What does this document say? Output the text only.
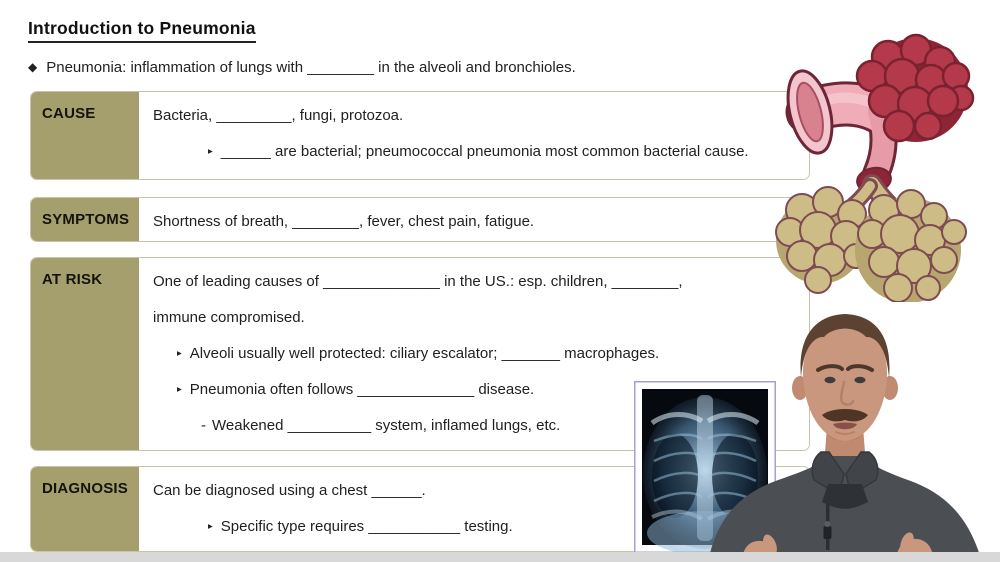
Introduction to Pneumonia
◆ Pneumonia: inflammation of lungs with ________ in the alveoli and bronchioles.
CAUSE	Bacteria, _________, fungi, protozoa.

▸ ______ are bacterial; pneumococcal pneumonia most common bacterial cause.

SYMPTOMS	Shortness of breath, ________, fever, chest pain, fatigue.

AT RISK	One of leading causes of ______________ in the US.: esp. children, ________,

immune compromised.

▸ Alveoli usually well protected: ciliary escalator; _______ macrophages.

▸ Pneumonia often follows ______________ disease.

- Weakened __________ system, inflamed lungs, etc.

DIAGNOSIS	Can be diagnosed using a chest ______.

▸ Specific type requires ___________ testing.
